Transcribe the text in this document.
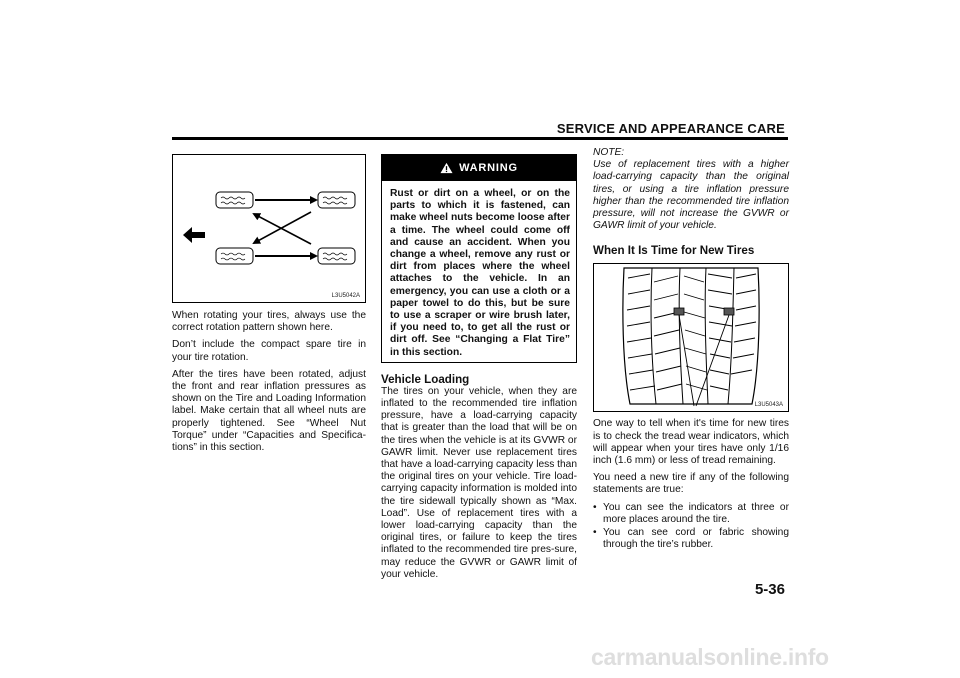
SERVICE AND APPEARANCE CARE
L3U5042A

When rotating your tires, always use the correct rotation pattern shown here.

Don’t include the compact spare tire in your tire rotation.

After the tires have been rotated, adjust the front and rear inflation pressures as shown on the Tire and Loading Information label. Make certain that all wheel nuts are properly tightened. See “Wheel Nut Torque” under “Capacities and Specifica-tions” in this section.

WARNING
Rust or dirt on a wheel, or on the parts to which it is fastened, can make wheel nuts become loose after a time. The wheel could come off and cause an accident. When you change a wheel, remove any rust or dirt from places where the wheel attaches to the vehicle. In an emergency, you can use a cloth or a paper towel to do this, but be sure to use a scraper or wire brush later, if you need to, to get all the rust or dirt off. See “Changing a Flat Tire” in this section.
Vehicle Loading

The tires on your vehicle, when they are inflated to the recommended tire inflation pressure, have a load-carrying capacity that is greater than the load that will be on the tires when the vehicle is at its GVWR or GAWR limit. Never use replacement tires that have a load-carrying capacity less than the original tires on your vehicle. Tire load-carrying capacity information is molded into the tire sidewall typically shown as “Max. Load”. Use of replacement tires with a lower load-carrying capacity than the original tires, or failure to keep the tires inflated to the recommended tire pres-sure, may reduce the GVWR or GAWR limit of your vehicle.

NOTE:

Use of replacement tires with a higher load-carrying capacity than the original tires, or using a tire inflation pressure higher than the recommended tire inflation pressure, will not increase the GVWR or GAWR limit of your vehicle.

When It Is Time for New Tires
L3U5043A

One way to tell when it's time for new tires is to check the tread wear indicators, which will appear when your tires have only 1/16 inch (1.6 mm) or less of tread remaining.

You need a new tire if any of the following statements are true:

• You can see the indicators at three or more places around the tire.
• You can see cord or fabric showing through the tire’s rubber.
5-36
carmanualsonline.info
